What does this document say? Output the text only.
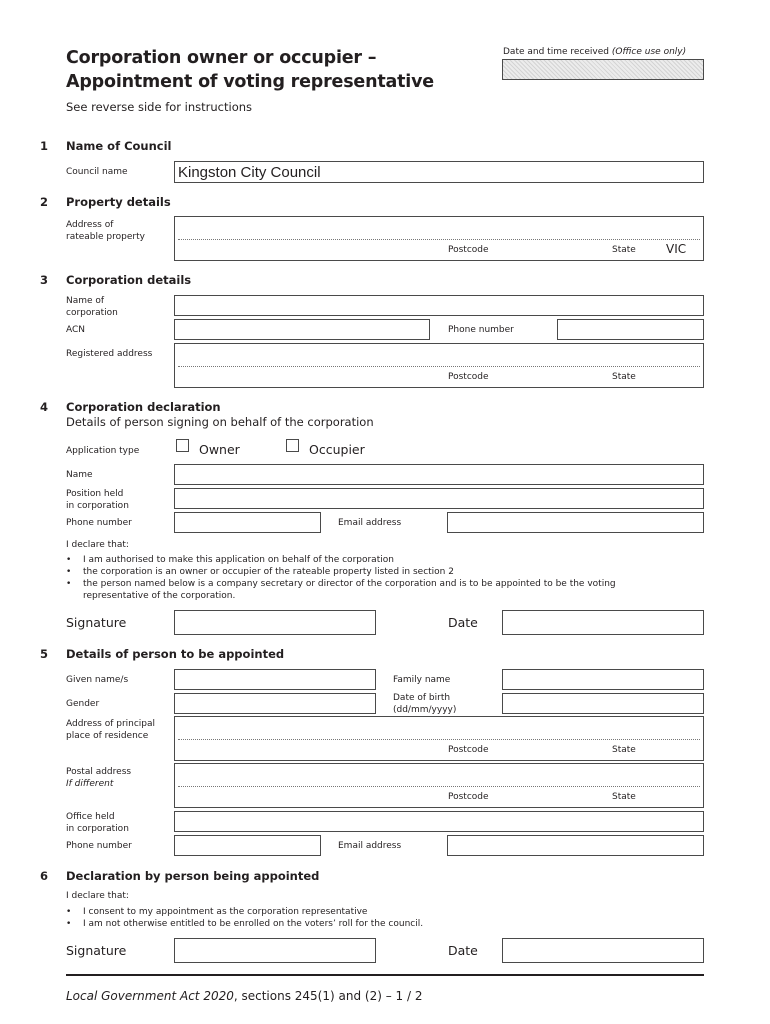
Corporation owner or occupier –
Appointment of voting representative
See reverse side for instructions
Date and time received (Office use only)
1 Name of Council
Council name	Kingston City Council
2 Property details
Address of
rateable property
Postcode	State	VIC
3 Corporation details
Name of
corporation
ACN	Phone number
Registered address
Postcode	State
4 Corporation declaration
Details of person signing on behalf of the corporation
Application type	Owner	Occupier
Name
Position held
in corporation
Phone number	Email address
I declare that:
• I am authorised to make this application on behalf of the corporation
• the corporation is an owner or occupier of the rateable property listed in section 2
• the person named below is a company secretary or director of the corporation and is to be appointed to be the voting
representative of the corporation.
Signature	Date
5 Details of person to be appointed
Given name/s	Family name
Gender
Date of birth
(dd/mm/yyyy)
Address of principal
place of residence
Postcode	State
Postal address
If different
Postcode	State
Office held
in corporation
Phone number	Email address
6 Declaration by person being appointed
I declare that:
• I consent to my appointment as the corporation representative
• I am not otherwise entitled to be enrolled on the voters’ roll for the council.
Signature	Date
Local Government Act 2020, sections 245(1) and (2) – 1 / 2
